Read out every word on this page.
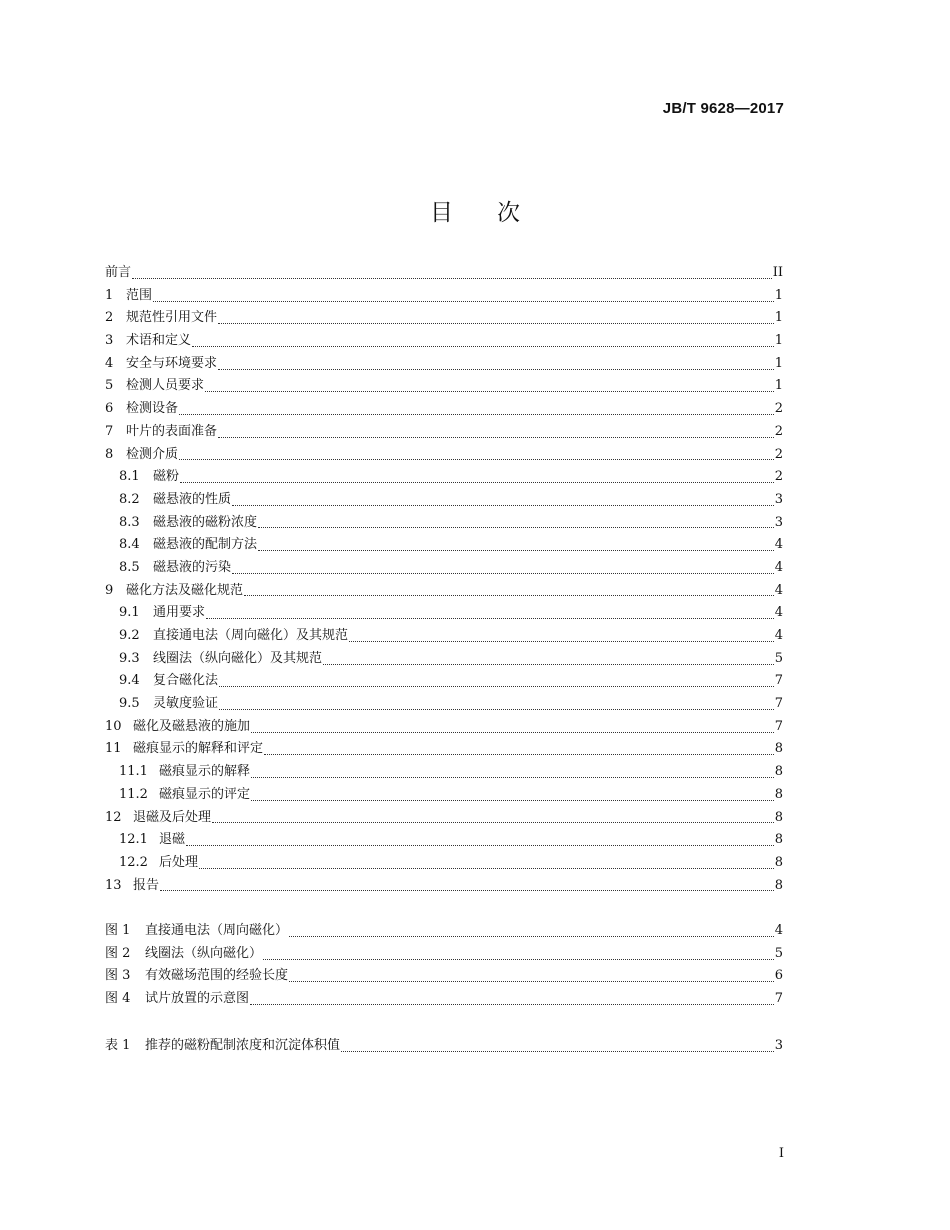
JB/T 9628—2017
目次
前言	II
1 范围	1
2 规范性引用文件	1
3 术语和定义	1
4 安全与环境要求	1
5 检测人员要求	1
6 检测设备	2
7 叶片的表面准备	2
8 检测介质	2
8.1	磁粉	2
8.2	磁悬液的性质	3
8.3	磁悬液的磁粉浓度	3
8.4	磁悬液的配制方法	4
8.5	磁悬液的污染	4
9 磁化方法及磁化规范	4
9.1	通用要求	4
9.2	直接通电法（周向磁化）及其规范	4
9.3	线圈法（纵向磁化）及其规范	5
9.4	复合磁化法	7
9.5	灵敏度验证	7
10 磁化及磁悬液的施加	7
11 磁痕显示的解释和评定	8
11.1 磁痕显示的解释	8
11.2 磁痕显示的评定	8
12 退磁及后处理	8
12.1 退磁	8
12.2 后处理	8
13 报告	8
图 1	直接通电法（周向磁化）	4
图 2	线圈法（纵向磁化）	5
图 3	有效磁场范围的经验长度	6
图 4	试片放置的示意图	7
表 1	推荐的磁粉配制浓度和沉淀体积值	3
I
